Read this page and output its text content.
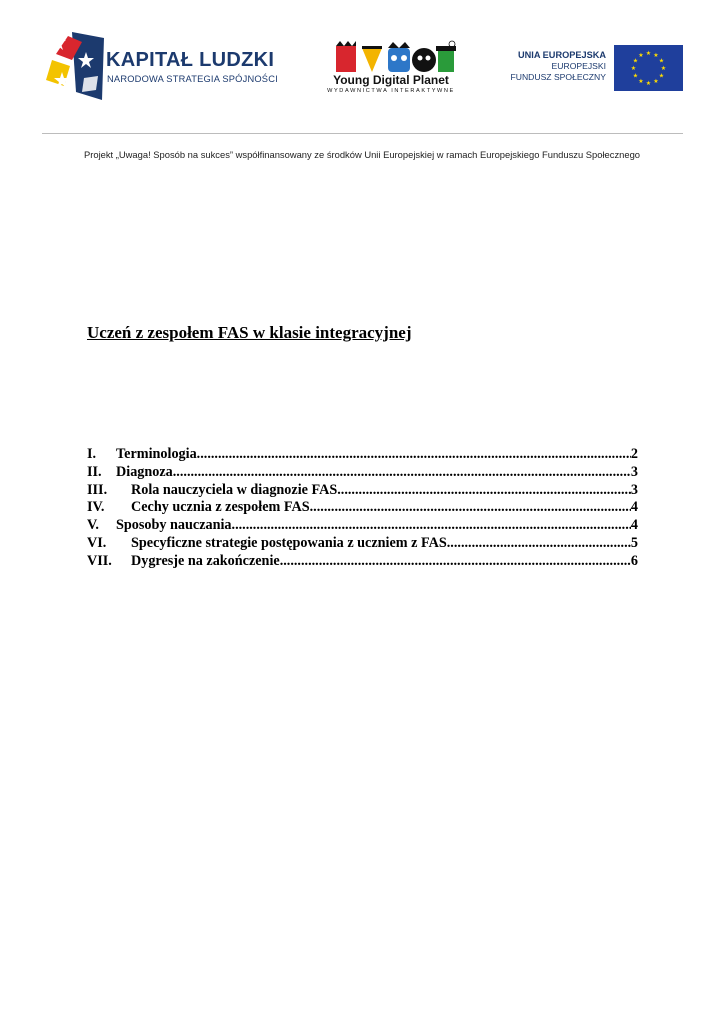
KAPITAŁ LUDZKI
NARODOWA STRATEGIA SPÓJNOŚCI	Young Digital Planet
WYDAWNICTWA INTERAKTYWNE
UNIA EUROPEJSKA
EUROPEJSKI
FUNDUSZ SPOŁECZNY
★ ★
★
★
★
★
★
★
★
★
★
★
Projekt „Uwaga! Sposób na sukces” współfinansowany ze środków Unii Europejskiej w ramach Europejskiego Funduszu Społecznego
Uczeń z zespołem FAS w klasie integracyjnej
I.	Terminologia .....	2
II.	Diagnoza .....	3
III.	Rola nauczyciela w diagnozie FAS .....	3
IV.	Cechy ucznia z zespołem FAS .....	4
V.	Sposoby nauczania .....	4
VI.	Specyficzne strategie postępowania z uczniem z FAS .....	5
VII.	Dygresje na zakończenie .....	6
